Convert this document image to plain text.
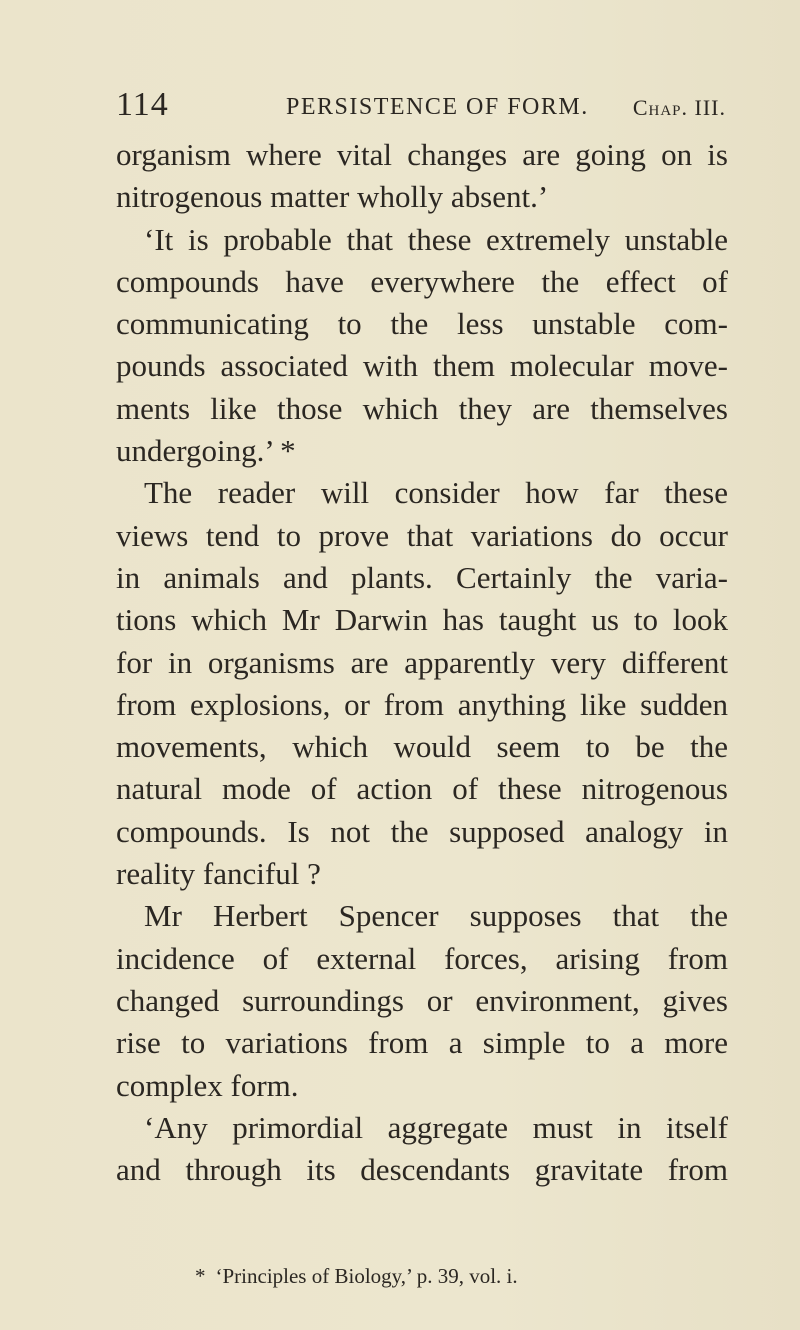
114	PERSISTENCE OF FORM. Chap. III.
organism where vital changes are going on is
nitrogenous matter wholly absent.’
‘It is probable that these extremely unstable
compounds have everywhere the effect of
communicating to the less unstable com-
pounds associated with them molecular move-
ments like those which they are themselves
undergoing.’ *
The reader will consider how far these
views tend to prove that variations do occur
in animals and plants. Certainly the varia-
tions which Mr Darwin has taught us to look
for in organisms are apparently very different
from explosions, or from anything like sudden
movements, which would seem to be the
natural mode of action of these nitrogenous
compounds. Is not the supposed analogy in
reality fanciful ?
Mr Herbert Spencer supposes that the
incidence of external forces, arising from
changed surroundings or environment, gives
rise to variations from a simple to a more
complex form.
‘Any primordial aggregate must in itself
and through its descendants gravitate from
* ‘Principles of Biology,’ p. 39, vol. i.
